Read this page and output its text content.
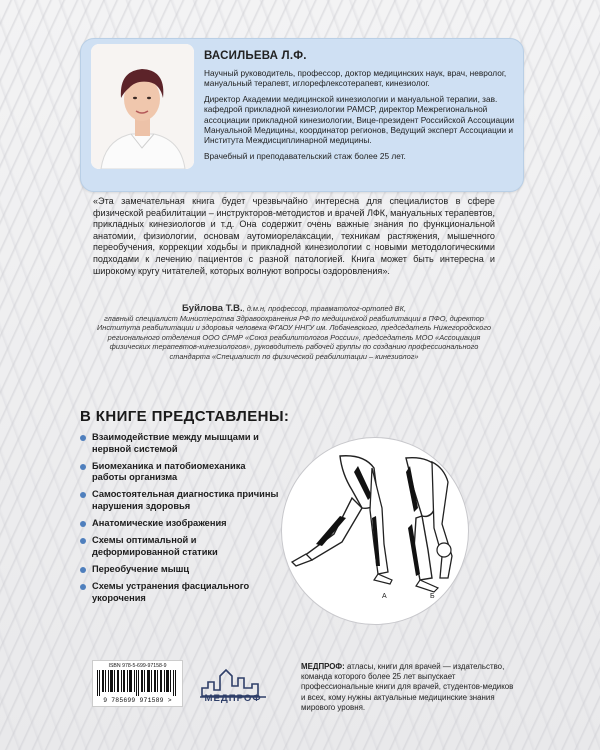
ВАСИЛЬЕВА Л.Ф.

Научный руководитель, профессор, доктор медицинских наук, врач, невролог, мануальный терапевт, иглорефлексотерапевт, кинезиолог.

Директор Академии медицинской кинезиологии и мануальной терапии, зав. кафедрой прикладной кинезиологии РАМСР, директор Межрегиональной ассоциации прикладной кинезиологии, Вице-президент Российской Ассоциации Мануальной Медицины, координатор регионов, Ведущий эксперт Ассоциации и Института Междисциплинарной медицины.

Врачебный и преподавательский стаж более 25 лет.

«Эта замечательная книга будет чрезвычайно интересна для специалистов в сфере физической реабилитации – инструкторов-методистов и врачей ЛФК, мануальных терапевтов, прикладных кинезиологов и т.д. Она содержит очень важные знания по функциональной анатомии, физиологии, основам аутомиорелаксации, техникам растяжения, мышечного переобучения, коррекции ходьбы и прикладной кинезиологии с новыми методологическими подходами к лечению пациентов с разной патологией. Книга может быть интересна и широкому кругу читателей, которых волнуют вопросы оздоровления».
Буйлова Т.В., д.м.н, профессор, травматолог-ортопед ВК,
главный специалист Министерства Здравоохранения РФ по медицинской реабилитации в ПФО, директор Института реабилитации и здоровья человека ФГАОУ ННГУ им. Лобачевского, председатель Нижегородского регионального отделения ООО СРМР «Союз реабилитологов России», председатель МОО «Ассоциация физических терапевтов-кинезиологов», руководитель рабочей группы по созданию профессионального стандарта «Специалист по физической реабилитации – кинезиолог»
В КНИГЕ ПРЕДСТАВЛЕНЫ:
Взаимодействие между мышцами и нервной системой
Биомеханика и патобиомеханика работы организма
Самостоятельная диагностика причины нарушения здоровья
Анатомические изображения
Схемы оптимальной и деформированной статики
Переобучение мышц
Схемы устранения фасциального укорочения	А	Б
ISBN 978-5-699-97158-9
9 785699 971589 >	МЕДПРОФ
МЕДПРОФ: атласы, книги для врачей — издательство, команда которого более 25 лет выпускает профессиональные книги для врачей, студентов-медиков и всех, кому нужны актуальные медицинские знания мирового уровня.
